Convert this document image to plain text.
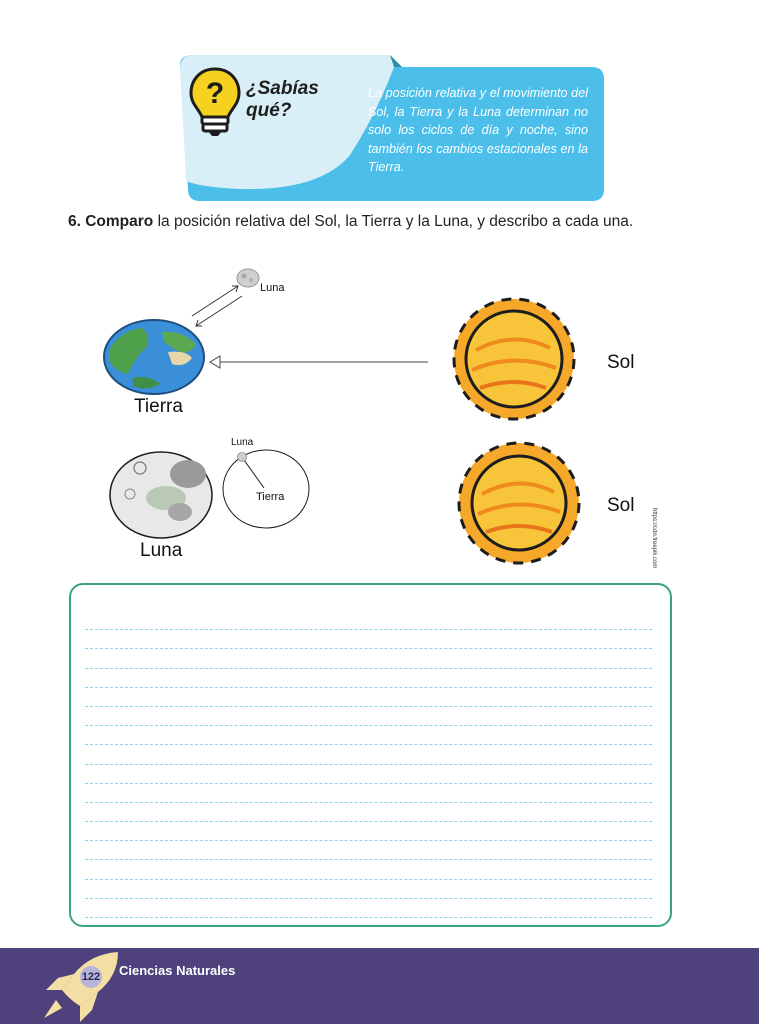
? ¿Sabías qué?
La posición relativa y el movimiento del Sol, la Tierra y la Luna determinan no solo los ciclos de día y noche, sino también los cambios estacionales en la Tierra.
6. Comparo la posición relativa del Sol, la Tierra y la Luna, y describo a cada una.
Tierra
Luna
Sol
Luna
Luna
Tierra	Sol
https://cdn.freepik.com
122 Ciencias Naturales
